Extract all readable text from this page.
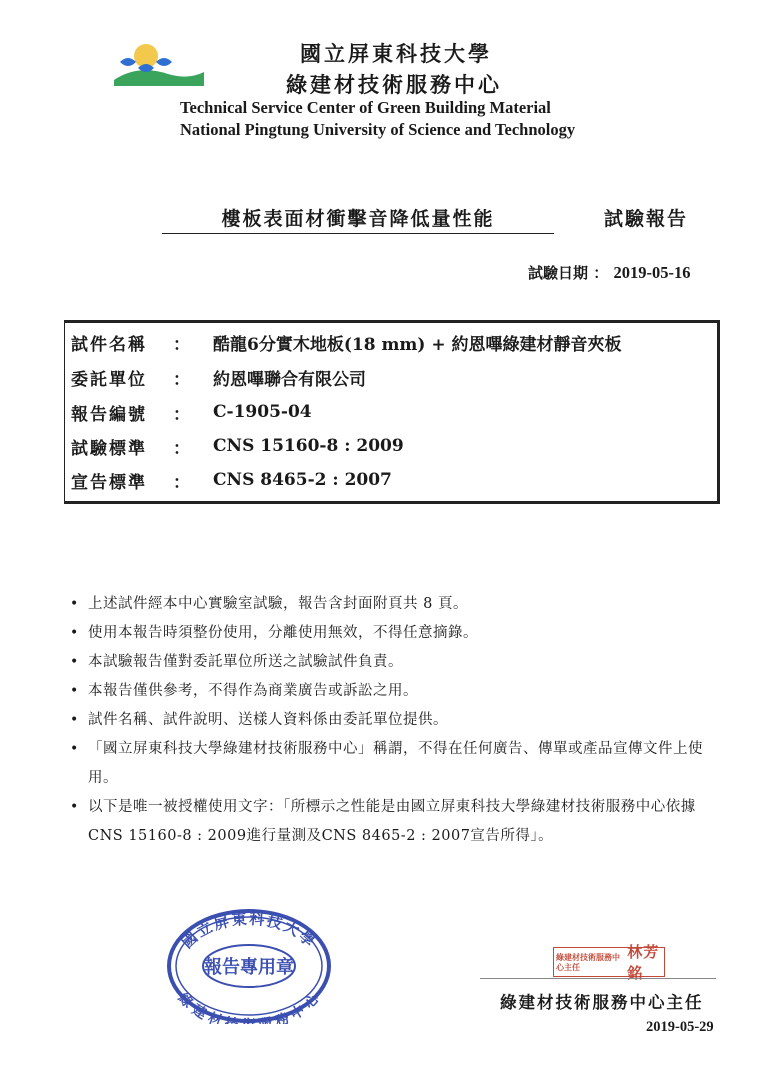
國立屏東科技大學
綠建材技術服務中心
Technical Service Center of Green Building Material
National Pingtung University of Science and Technology
樓板表面材衝擊音降低量性能	試驗報告
試驗日期 ： 2019-05-16
試件名稱	：	酷龍6分實木地板(18 mm) + 約恩嗶綠建材靜音夾板
委託單位	：	約恩嗶聯合有限公司
報告編號	：	C-1905-04
試驗標準	：	CNS 15160-8 : 2009
宣告標準	：	CNS 8465-2 : 2007
• 上述試件經本中心實驗室試驗，報告含封面附頁共 8 頁。
• 使用本報告時須整份使用，分離使用無效，不得任意摘錄。
• 本試驗報告僅對委託單位所送之試驗試件負責。
• 本報告僅供參考，不得作為商業廣告或訴訟之用。
• 試件名稱、試件說明、送樣人資料係由委託單位提供。
• 「國立屏東科技大學綠建材技術服務中心」稱謂，不得在任何廣告、傳單或產品宣傳文件上使用。
• 以下是唯一被授權使用文字：「所標示之性能是由國立屏東科技大學綠建材技術服務中心依據CNS 15160-8 : 2009進行量測及CNS 8465-2 : 2007宣告所得」。
國立屏東科技大學
綠建材 務中心
報告專用章	綠建材技術服務中心主任
林芳銘
綠建材技術服務中心主任
2019-05-29
